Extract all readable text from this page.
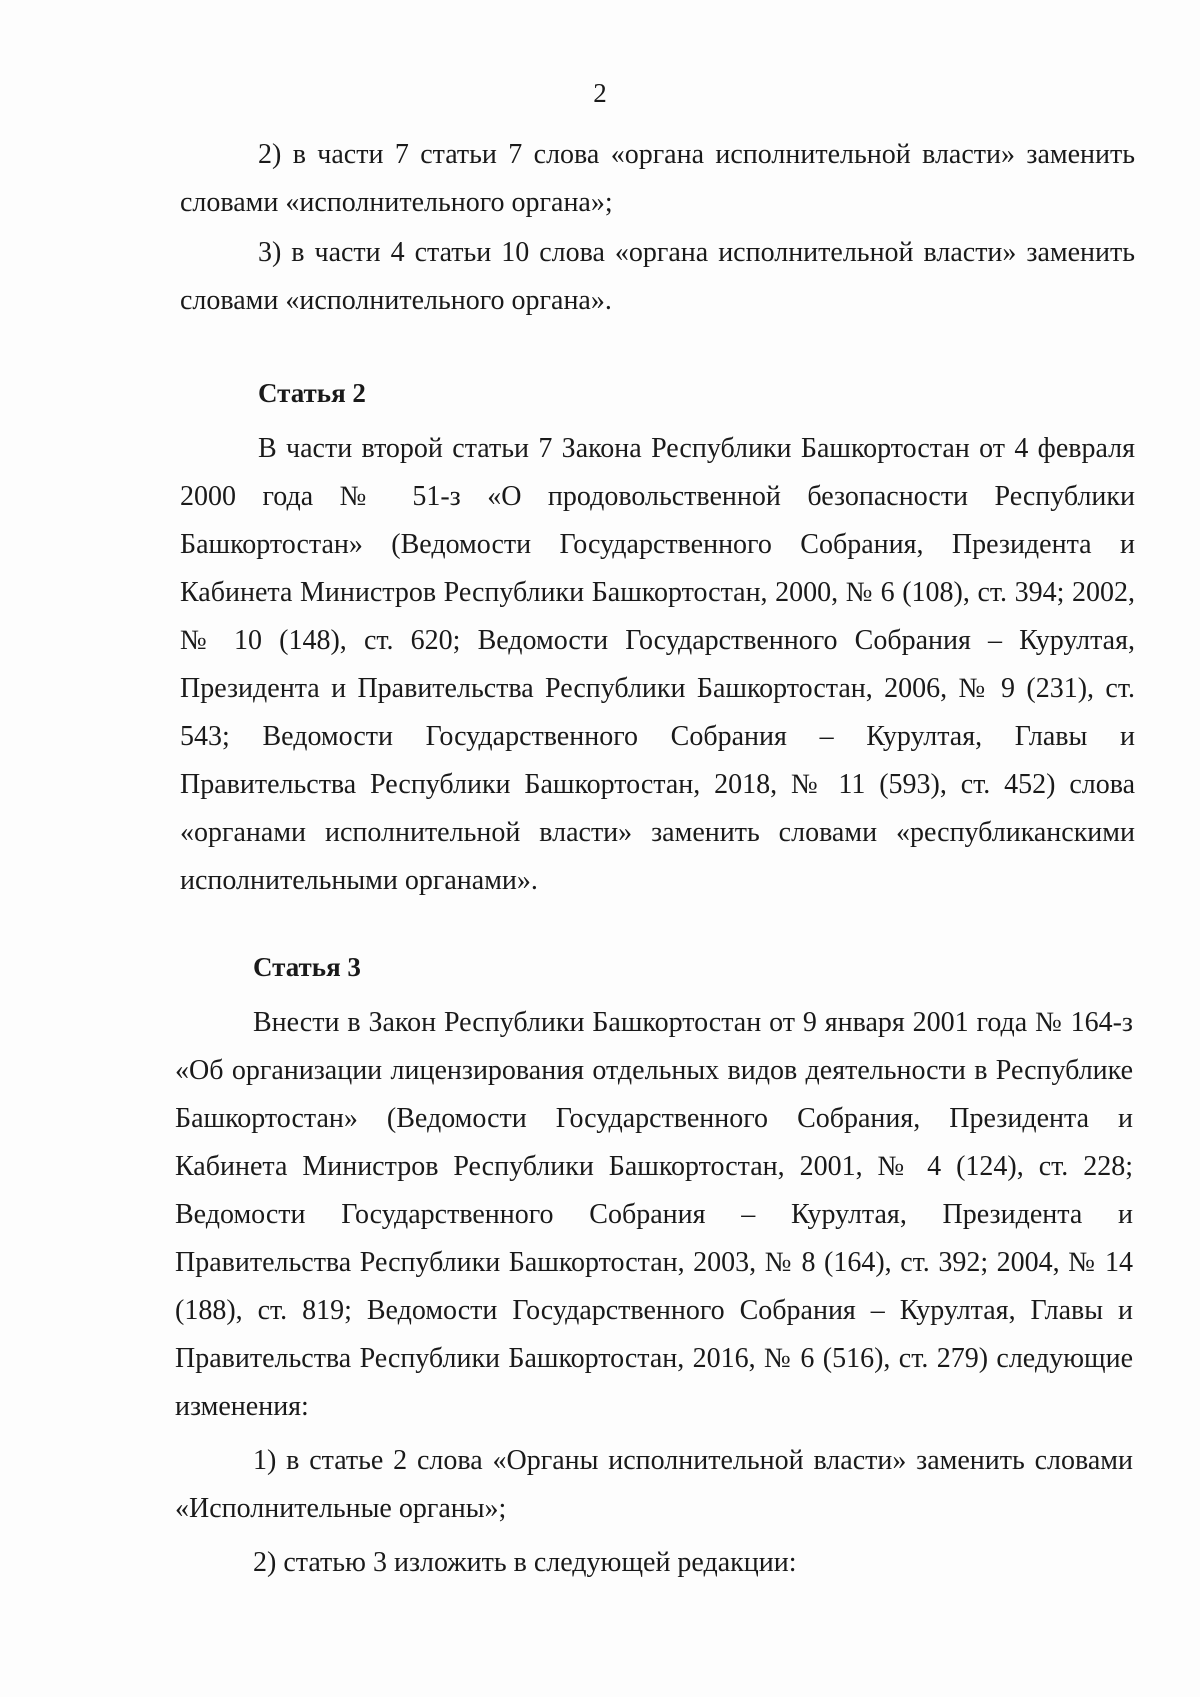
2

2) в части 7 статьи 7 слова «органа исполнительной власти» заменить словами «исполнительного органа»;

3) в части 4 статьи 10 слова «органа исполнительной власти» заменить словами «исполнительного органа».

Статья 2

В части второй статьи 7 Закона Республики Башкортостан от 4 февраля 2000 года № 51-з «О продовольственной безопасности Республики Башкортостан» (Ведомости Государственного Собрания, Президента и Кабинета Министров Республики Башкортостан, 2000, № 6 (108), ст. 394; 2002, № 10 (148), ст. 620; Ведомости Государственного Собрания – Курултая, Президента и Правительства Республики Башкортостан, 2006, № 9 (231), ст. 543; Ведомости Государственного Собрания – Курултая, Главы и Правительства Республики Башкортостан, 2018, № 11 (593), ст. 452) слова «органами исполнительной власти» заменить словами «республиканскими исполнительными органами».

Статья 3

Внести в Закон Республики Башкортостан от 9 января 2001 года № 164-з «Об организации лицензирования отдельных видов деятельности в Республике Башкортостан» (Ведомости Государственного Собрания, Президента и Кабинета Министров Республики Башкортостан, 2001, № 4 (124), ст. 228; Ведомости Государственного Собрания – Курултая, Президента и Правительства Республики Башкортостан, 2003, № 8 (164), ст. 392; 2004, № 14 (188), ст. 819; Ведомости Государственного Собрания – Курултая, Главы и Правительства Республики Башкортостан, 2016, № 6 (516), ст. 279) следующие изменения:

1) в статье 2 слова «Органы исполнительной власти» заменить словами «Исполнительные органы»;

2) статью 3 изложить в следующей редакции:
